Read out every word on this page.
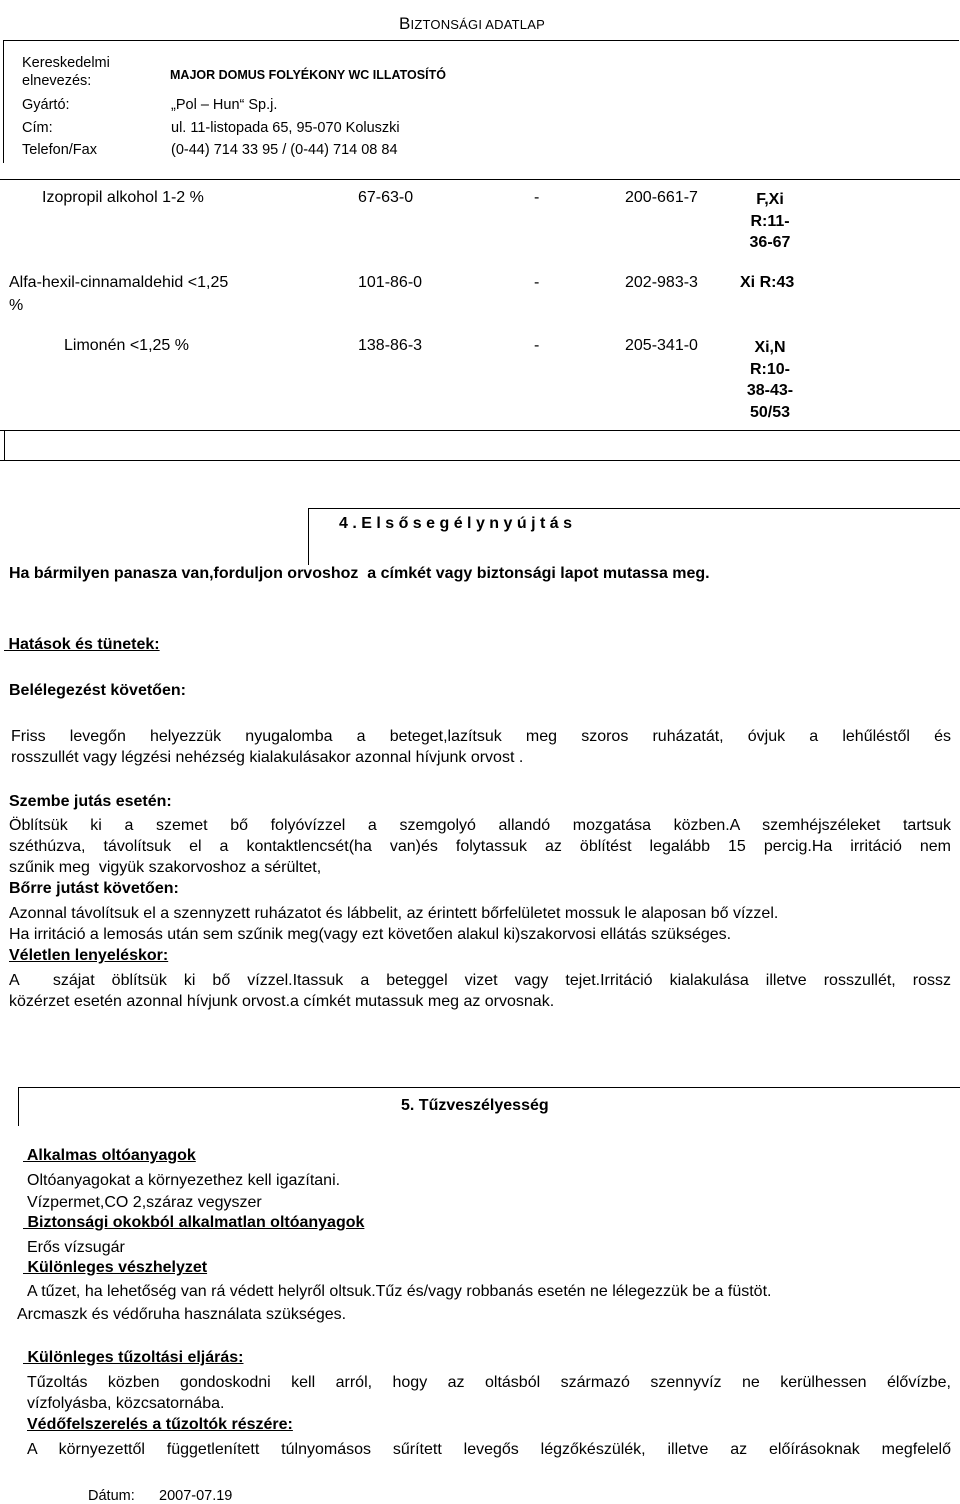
BIZTONSÁGI ADATLAP
Kereskedelmi
elnevezés:	MAJOR DOMUS FOLYÉKONY WC ILLATOSÍTÓ
Gyártó:	„Pol – Hun“ Sp.j.
Cím:	ul. 11-listopada 65, 95-070 Koluszki
Telefon/Fax	(0-44) 714 33 95 / (0-44) 714 08 84
Izopropil alkohol 1-2 %	67-63-0	-	200-661-7	F,Xi
R:11-
36-67
Alfa-hexil-cinnamaldehid <1,25
%
101-86-0	-	202-983-3	Xi R:43
Limonén <1,25 %	138-86-3	-	205-341-0	Xi,N
R:10-
38-43-
50/53
4 . E l s ő s e g é l y n y ú j t á s
Ha bármilyen panasza van,forduljon orvoshoz  a címkét vagy biztonsági lapot mutassa meg.
Hatások és tünetek:
Belélegezést követően:
Friss levegőn helyezzük nyugalomba a beteget,lazítsuk meg szoros ruházatát, óvjuk a lehűléstől és
rosszullét vagy légzési nehézség kialakulásakor azonnal hívjunk orvost .
Szembe jutás esetén:
Öblítsük ki a szemet bő folyóvízzel a szemgolyó allandó mozgatása közben.A szemhéjszéleket tartsuk
széthúzva, távolítsuk el a kontaktlencsét(ha van)és folytassuk az öblítést legalább 15 percig.Ha irritáció nem
szűnik meg  vigyük szakorvoshoz a sérültet,
Bőrre jutást követően:
Azonnal távolítsuk el a szennyzett ruházatot és lábbelit, az érintett bőrfelületet mossuk le alaposan bő vízzel.
Ha irritáció a lemosás után sem szűnik meg(vagy ezt követően alakul ki)szakorvosi ellátás szükséges.
Véletlen lenyeléskor:
A  szájat öblítsük ki bő vízzel.Itassuk a beteggel vizet vagy tejet.Irritáció kialakulása illetve rosszullét, rossz
közérzet esetén azonnal hívjunk orvost.a címkét mutassuk meg az orvosnak.
5. Tűzveszélyesség
Alkalmas oltóanyagok
Oltóanyagokat a környezethez kell igazítani.
Vízpermet,CO 2,száraz vegyszer
Biztonsági okokból alkalmatlan oltóanyagok
Erős vízsugár
Különleges vészhelyzet
A tűzet, ha lehetőség van rá védett helyről oltsuk.Tűz és/vagy robbanás esetén ne lélegezzük be a füstöt.
Arcmaszk és védőruha használata szükséges.
Különleges tűzoltási eljárás:
Tűzoltás közben gondoskodni kell arról, hogy az oltásból származó szennyvíz ne kerülhessen élővízbe,
vízfolyásba, közcsatornába.
Védőfelszerelés a tűzoltók részére:
A környezettől függetlenített túlnyomásos sűrített levegős légzőkészülék, illetve az előírásoknak megfelelő
Dátum: 2007-07.19
